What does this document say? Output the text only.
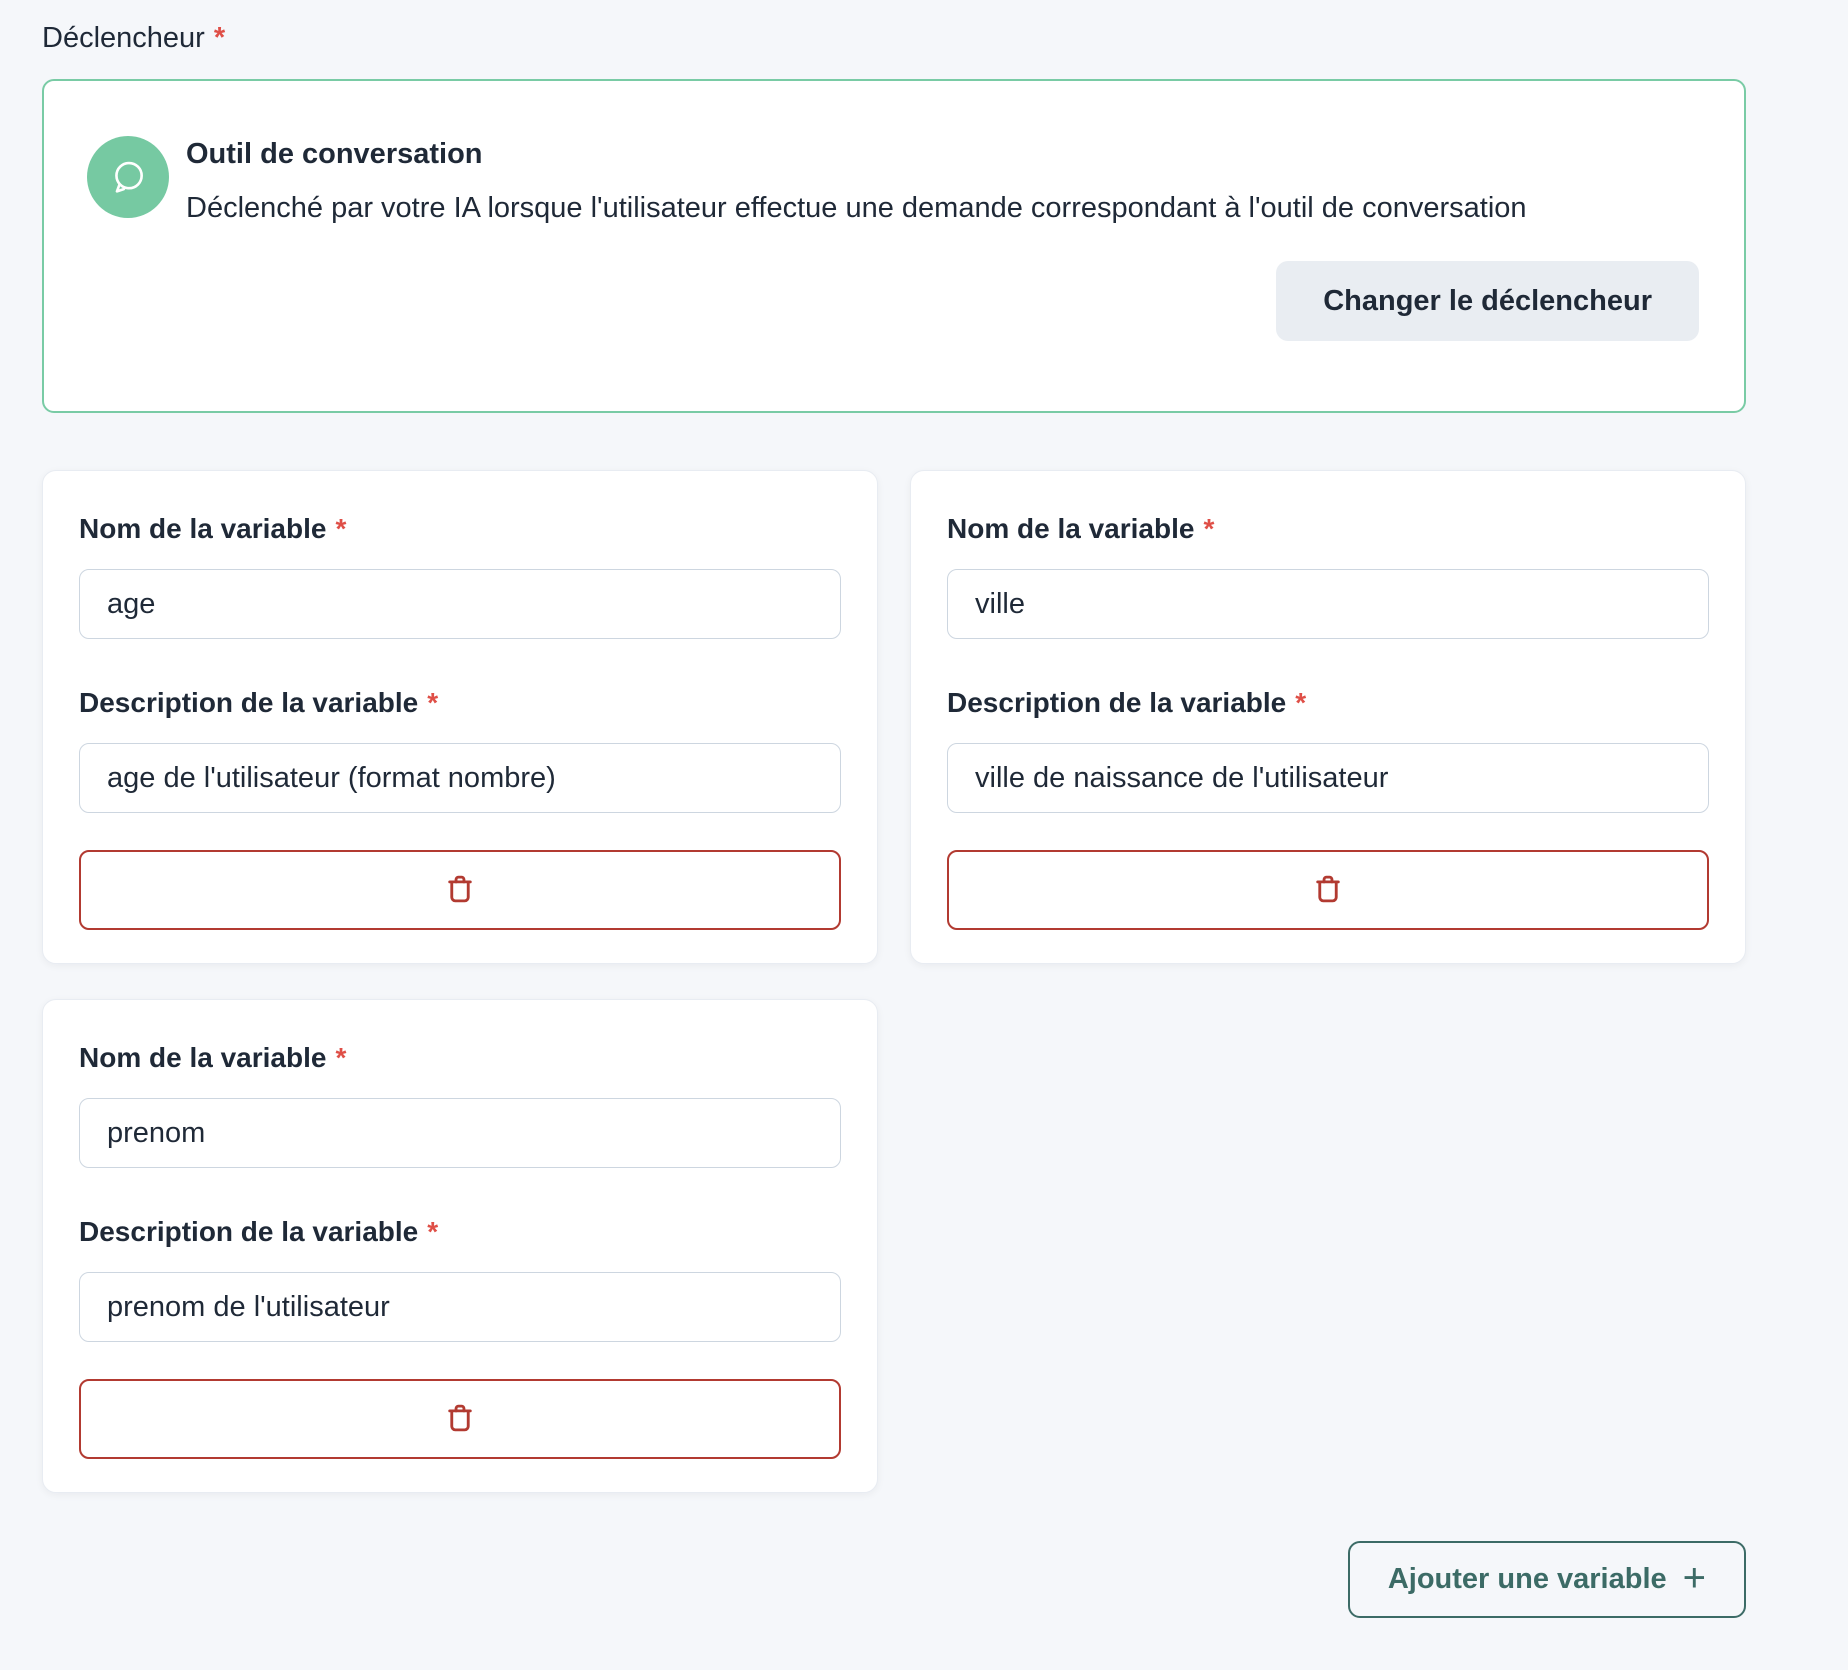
Déclencheur *
Outil de conversation

Déclenché par votre IA lorsque l'utilisateur effectue une demande correspondant à l'outil de conversation

Changer le déclencheur
Nom de la variable *
age
Description de la variable *
age de l'utilisateur (format nombre)
Nom de la variable *
ville
Description de la variable *
ville de naissance de l'utilisateur
Nom de la variable *
prenom
Description de la variable *
prenom de l'utilisateur
Ajouter une variable +
